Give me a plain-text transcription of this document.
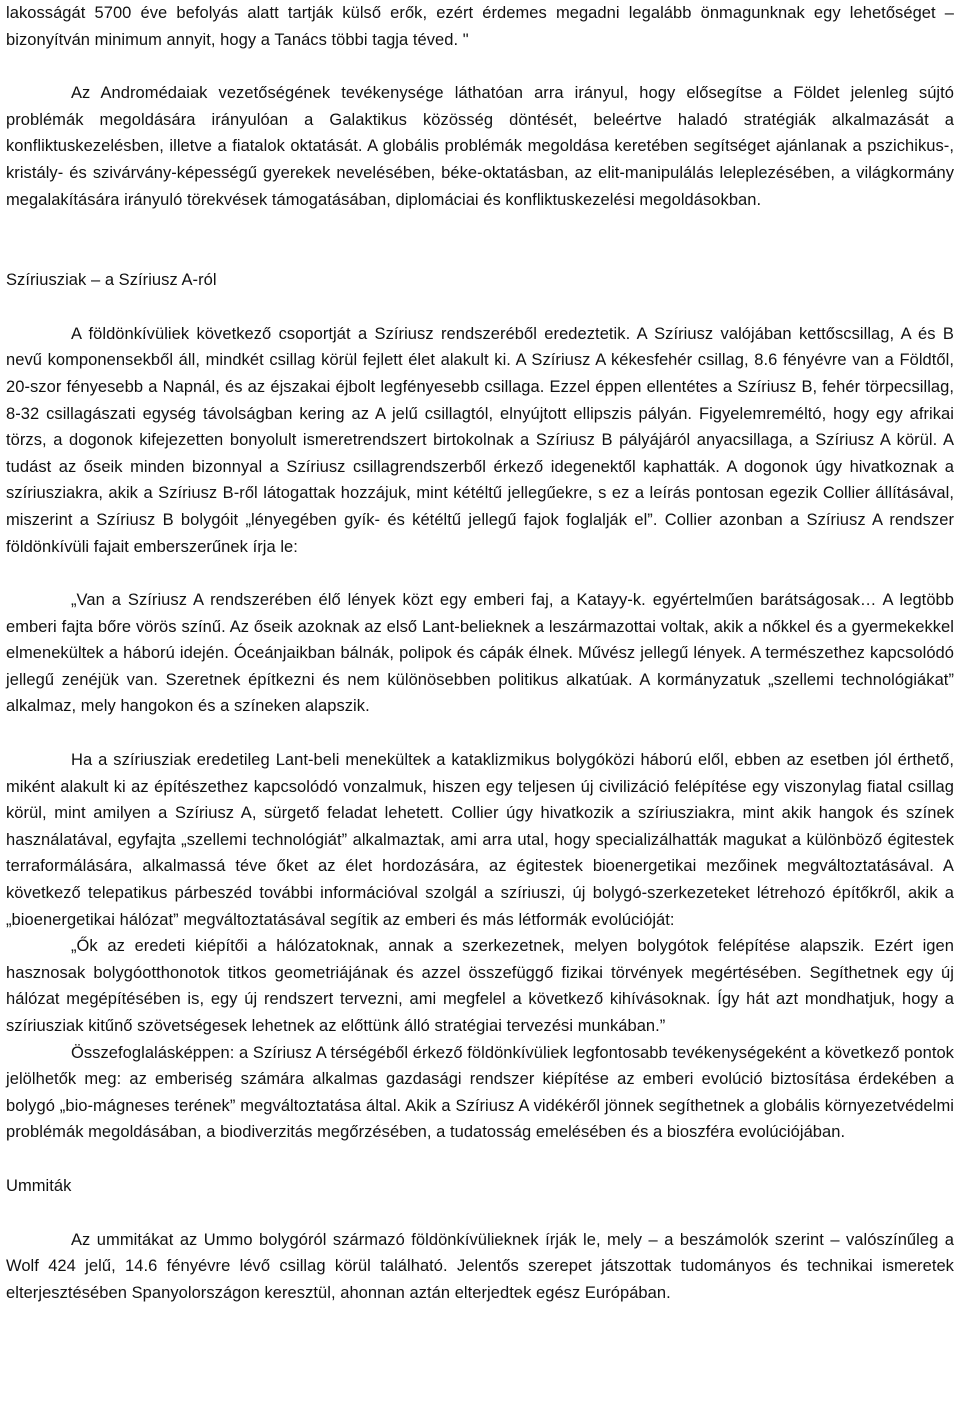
lakosságát 5700 éve befolyás alatt tartják külső erők, ezért érdemes megadni legalább önmagunknak egy lehetőséget – bizonyítván minimum annyit, hogy a Tanács többi tagja téved. "

Az Andromédaiak vezetőségének tevékenysége láthatóan arra irányul, hogy elősegítse a Földet jelenleg sújtó problémák megoldására irányulóan a Galaktikus közösség döntését, beleértve haladó stratégiák alkalmazását a konfliktuskezelésben, illetve a fiatalok oktatását. A globális problémák megoldása keretében segítséget ajánlanak a pszichikus-, kristály- és szivárvány-képességű gyerekek nevelésében, béke-oktatásban, az elit-manipulálás leleplezésében, a világkormány megalakítására irányuló törekvések támogatásában, diplomáciai és konfliktuskezelési megoldásokban.

Szíriusziak – a Szíriusz A-ról

A földönkívüliek következő csoportját a Szíriusz rendszeréből eredeztetik. A Szíriusz valójában kettőscsillag, A és B nevű komponensekből áll, mindkét csillag körül fejlett élet alakult ki. A Szíriusz A kékesfehér csillag, 8.6 fényévre van a Földtől, 20-szor fényesebb a Napnál, és az éjszakai éjbolt legfényesebb csillaga. Ezzel éppen ellentétes a Szíriusz B, fehér törpecsillag, 8-32 csillagászati egység távolságban kering az A jelű csillagtól, elnyújtott ellipszis pályán. Figyelemreméltó, hogy egy afrikai törzs, a dogonok kifejezetten bonyolult ismeretrendszert birtokolnak a Szíriusz B pályájáról anyacsillaga, a Szíriusz A körül. A tudást az őseik minden bizonnyal a Szíriusz csillagrendszerből érkező idegenektől kaphatták. A dogonok úgy hivatkoznak a szíriusziakra, akik a Szíriusz B-ről látogattak hozzájuk, mint kétéltű jellegűekre, s ez a leírás pontosan egezik Collier állításával, miszerint a Szíriusz B bolygóit „lényegében gyík- és kétéltű jellegű fajok foglalják el”. Collier azonban a Szíriusz A rendszer földönkívüli fajait emberszerűnek írja le:

„Van a Szíriusz A rendszerében élő lények közt egy emberi faj, a Katayy-k. egyértelműen barátságosak… A legtöbb emberi fajta bőre vörös színű. Az őseik azoknak az első Lant-belieknek a leszármazottai voltak, akik a nőkkel és a gyermekekkel elmenekültek a háború idején. Óceánjaikban bálnák, polipok és cápák élnek. Művész jellegű lények. A természethez kapcsolódó jellegű zenéjük van. Szeretnek építkezni és nem különösebben politikus alkatúak. A kormányzatuk „szellemi technológiákat” alkalmaz, mely hangokon és a színeken alapszik.

Ha a szíriusziak eredetileg Lant-beli menekültek a kataklizmikus bolygóközi háború elől, ebben az esetben jól érthető, miként alakult ki az építészethez kapcsolódó vonzalmuk, hiszen egy teljesen új civilizáció felépítése egy viszonylag fiatal csillag körül, mint amilyen a Szíriusz A, sürgető feladat lehetett. Collier úgy hivatkozik a szíriusziakra, mint akik hangok és színek használatával, egyfajta „szellemi technológiát” alkalmaztak, ami arra utal, hogy specializálhatták magukat a különböző égitestek terraformálására, alkalmassá téve őket az élet hordozására, az égitestek bioenergetikai mezőinek megváltoztatásával. A következő telepatikus párbeszéd további információval szolgál a szíriuszi, új bolygó-szerkezeteket létrehozó építőkről, akik a „bioenergetikai hálózat” megváltoztatásával segítik az emberi és más létformák evolúcióját:

„Ők az eredeti kiépítői a hálózatoknak, annak a szerkezetnek, melyen bolygótok felépítése alapszik. Ezért igen hasznosak bolygóotthonotok titkos geometriájának és azzel összefüggő fizikai törvények megértésében. Segíthetnek egy új hálózat megépítésében is, egy új rendszert tervezni, ami megfelel a következő kihívásoknak. Így hát azt mondhatjuk, hogy a szíriusziak kitűnő szövetségesek lehetnek az előttünk álló stratégiai tervezési munkában.”

Összefoglalásképpen: a Szíriusz A térségéből érkező földönkívüliek legfontosabb tevékenységeként a következő pontok jelölhetők meg: az emberiség számára alkalmas gazdasági rendszer kiépítése az emberi evolúció biztosítása érdekében a bolygó „bio-mágneses terének” megváltoztatása által. Akik a Szíriusz A vidékéről jönnek segíthetnek a globális környezetvédelmi problémák megoldásában, a biodiverzitás megőrzésében, a tudatosság emelésében és a bioszféra evolúciójában.

Ummiták

Az ummitákat az Ummo bolygóról származó földönkívülieknek írják le, mely – a beszámolók szerint – valószínűleg a Wolf 424 jelű, 14.6 fényévre lévő csillag körül található. Jelentős szerepet játszottak tudományos és technikai ismeretek elterjesztésében Spanyolországon keresztül, ahonnan aztán elterjedtek egész Európában.
